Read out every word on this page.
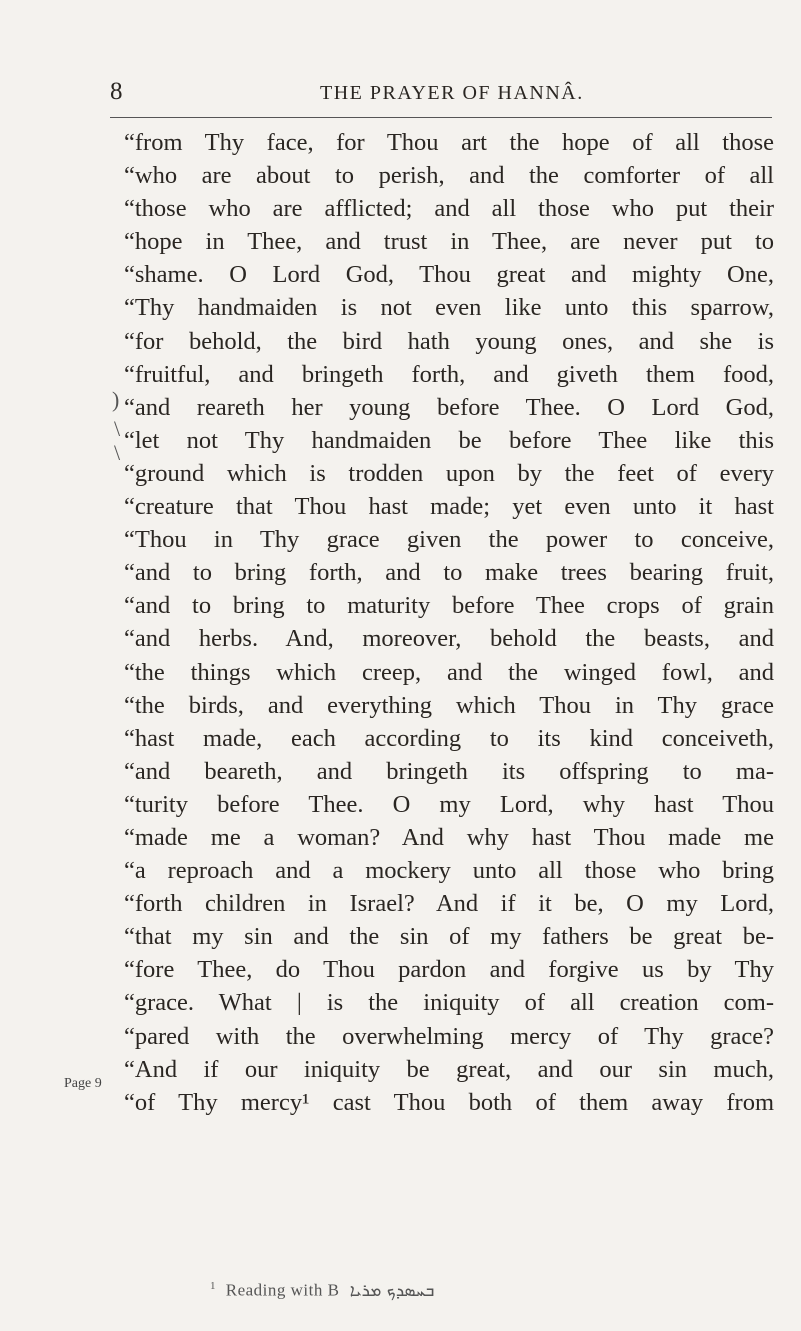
8	THE PRAYER OF HANNÂ.
)
\
\
Page 9
“from Thy face, for Thou art the hope of all those
“who are about to perish, and the comforter of all
“those who are afflicted; and all those who put their
“hope in Thee, and trust in Thee, are never put to
“shame. O Lord God, Thou great and mighty One,
“Thy handmaiden is not even like unto this sparrow,
“for behold, the bird hath young ones, and she is
“fruitful, and bringeth forth, and giveth them food,
“and reareth her young before Thee. O Lord God,
“let not Thy handmaiden be before Thee like this
“ground which is trodden upon by the feet of every
“creature that Thou hast made; yet even unto it hast
“Thou in Thy grace given the power to conceive,
“and to bring forth, and to make trees bearing fruit,
“and to bring to maturity before Thee crops of grain
“and herbs. And, moreover, behold the beasts, and
“the things which creep, and the winged fowl, and
“the birds, and everything which Thou in Thy grace
“hast made, each according to its kind conceiveth,
“and beareth, and bringeth its offspring to ma-
“turity before Thee. O my Lord, why hast Thou
“made me a woman? And why hast Thou made me
“a reproach and a mockery unto all those who bring
“forth children in Israel? And if it be, O my Lord,
“that my sin and the sin of my fathers be great be-
“fore Thee, do Thou pardon and forgive us by Thy
“grace. What | is the iniquity of all creation com-
“pared with the overwhelming mercy of Thy grace?
“And if our iniquity be great, and our sin much,
“of Thy mercy¹ cast Thou both of them away from
$^1$ Reading with B ܒܚܣܕܟ ܡܪܝܐ
